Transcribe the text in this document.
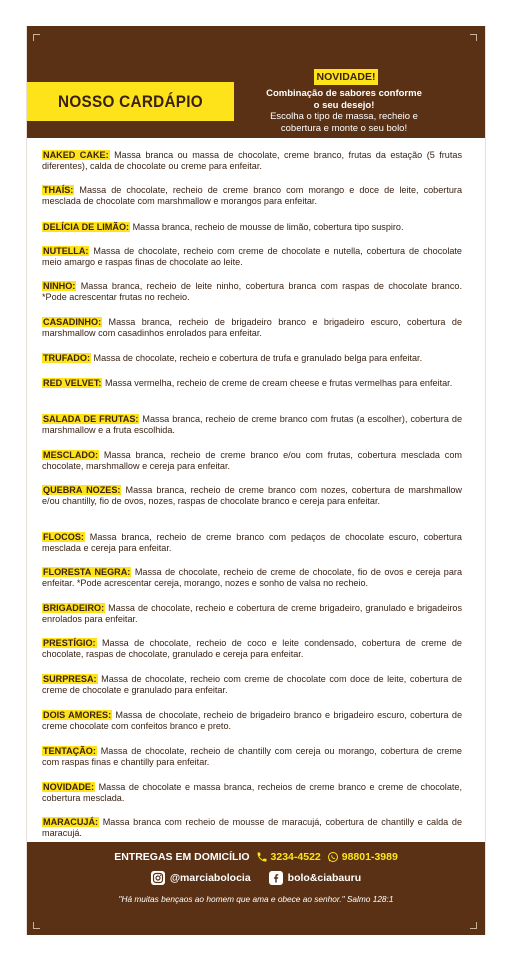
NOSSO CARDÁPIO
NOVIDADE!
Combinação de sabores conforme
o seu desejo!
Escolha o tipo de massa, recheio e
cobertura e monte o seu bolo!
NAKED CAKE: Massa branca ou massa de chocolate, creme branco, frutas da estação (5 frutas diferentes), calda de chocolate ou creme para enfeitar.
THAÍS: Massa de chocolate, recheio de creme branco com morango e doce de leite, cobertura mesclada de chocolate com marshmallow e morangos para enfeitar.
DELÍCIA DE LIMÃO: Massa branca, recheio de mousse de limão, cobertura tipo suspiro.
NUTELLA: Massa de chocolate, recheio com creme de chocolate e nutella, cobertura de chocolate meio amargo e raspas finas de chocolate ao leite.
NINHO: Massa branca, recheio de leite ninho, cobertura branca com raspas de chocolate branco. *Pode acrescentar frutas no recheio.
CASADINHO: Massa branca, recheio de brigadeiro branco e brigadeiro escuro, cobertura de marshmallow com casadinhos enrolados para enfeitar.
TRUFADO: Massa de chocolate, recheio e cobertura de trufa e granulado belga para enfeitar.
RED VELVET: Massa vermelha, recheio de creme de cream cheese e frutas vermelhas para enfeitar.
SALADA DE FRUTAS: Massa branca, recheio de creme branco com frutas (a escolher), cobertura de marshmallow e a fruta escolhida.
MESCLADO: Massa branca, recheio de creme branco e/ou com frutas, cobertura mesclada com chocolate, marshmallow e cereja para enfeitar.
QUEBRA NOZES: Massa branca, recheio de creme branco com nozes, cobertura de marshmallow e/ou chantilly, fio de ovos, nozes, raspas de chocolate branco e cereja para enfeitar.
FLOCOS: Massa branca, recheio de creme branco com pedaços de chocolate escuro, cobertura mesclada e cereja para enfeitar.
FLORESTA NEGRA: Massa de chocolate, recheio de creme de chocolate, fio de ovos e cereja para enfeitar. *Pode acrescentar cereja, morango, nozes e sonho de valsa no recheio.
BRIGADEIRO: Massa de chocolate, recheio e cobertura de creme brigadeiro, granulado e brigadeiros enrolados para enfeitar.
PRESTÍGIO: Massa de chocolate, recheio de coco e leite condensado, cobertura de creme de chocolate, raspas de chocolate, granulado e cereja para enfeitar.
SURPRESA: Massa de chocolate, recheio com creme de chocolate com doce de leite, cobertura de creme de chocolate e granulado para enfeitar.
DOIS AMORES: Massa de chocolate, recheio de brigadeiro branco e brigadeiro escuro, cobertura de creme chocolate com confeitos branco e preto.
TENTAÇÃO: Massa de chocolate, recheio de chantilly com cereja ou morango, cobertura de creme com raspas finas e chantilly para enfeitar.
NOVIDADE: Massa de chocolate e massa branca, recheios de creme branco e creme de chocolate, cobertura mesclada.
MARACUJÁ: Massa branca com recheio de mousse de maracujá, cobertura de chantilly e calda de maracujá.
ENTREGAS EM DOMICÍLIO 3234-4522 98801-3989
@marciabolocia	bolo&ciabauru
"Há muitas bençaos ao homem que ama e obece ao senhor." Salmo 128:1
